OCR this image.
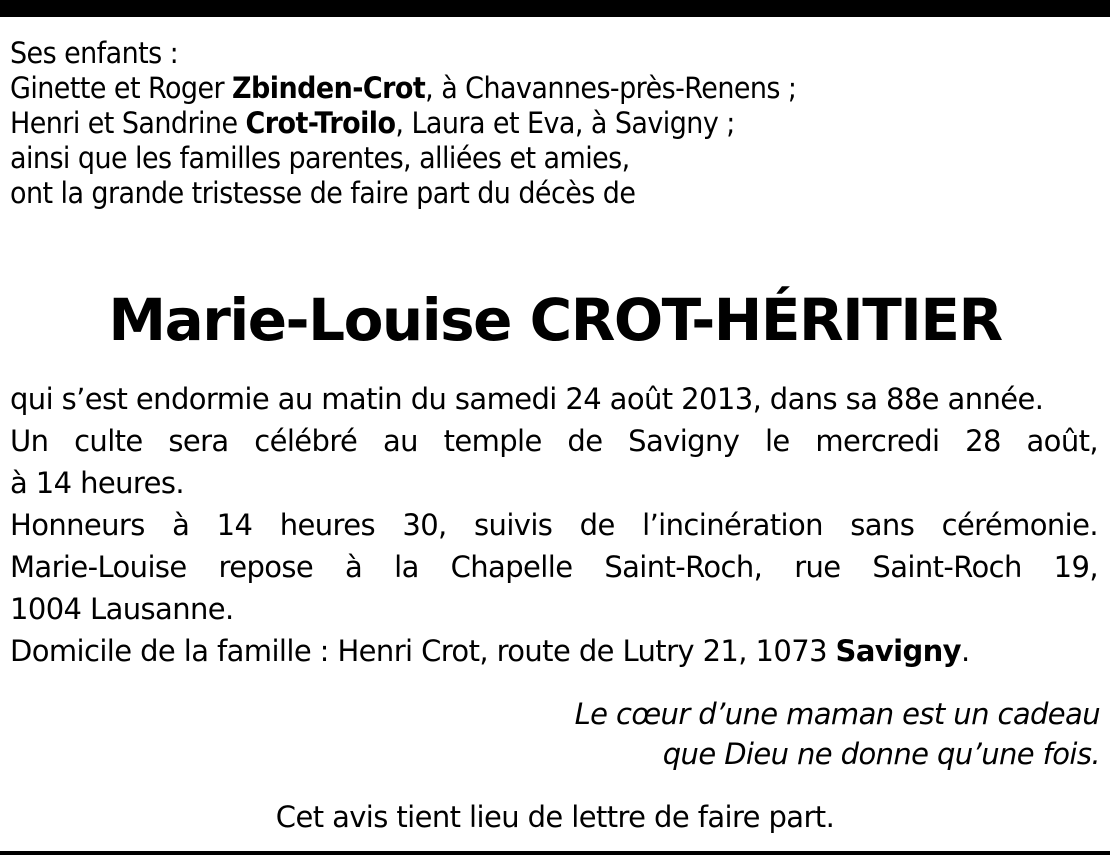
Ses enfants :
Ginette et Roger Zbinden-Crot, à Chavannes-près-Renens ;
Henri et Sandrine Crot-Troilo, Laura et Eva, à Savigny ;
ainsi que les familles parentes, alliées et amies,
ont la grande tristesse de faire part du décès de
Marie-Louise CROT-HÉRITIER
qui s’est endormie au matin du samedi 24 août 2013, dans sa 88e année.
Un culte sera célébré au temple de Savigny le mercredi 28 août,
à 14 heures.
Honneurs à 14 heures 30, suivis de l’incinération sans cérémonie.
Marie-Louise repose à la Chapelle Saint-Roch, rue Saint-Roch 19,
1004 Lausanne.
Domicile de la famille : Henri Crot, route de Lutry 21, 1073 Savigny.
Le cœur d’une maman est un cadeau
que Dieu ne donne qu’une fois.
Cet avis tient lieu de lettre de faire part.
